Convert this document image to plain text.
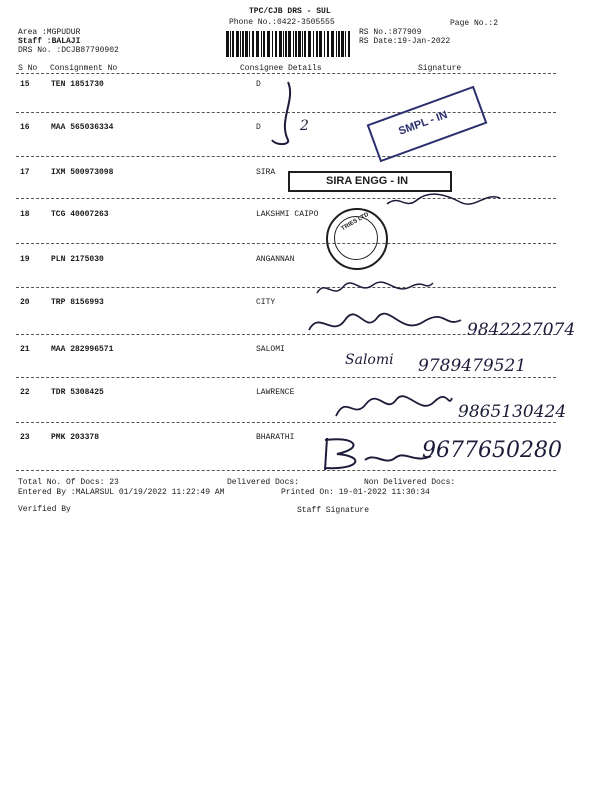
TPC/CJB DRS - SUL
Phone No.:0422-3505555
Area :MGPUDUR
Staff :BALAJI
DRS No. :DCJB87790902
RS No.:877909
RS Date:19-Jan-2022
Page No.:2
S No Consignment No	Consignee Details	Signature
15	TEN 1851730	D
16	MAA 565036334	D
17	IXM 500973098	SIRA
18	TCG 40007263	LAKSHMI CAIPO
19	PLN 2175030	ANGANNAN
20	TRP 8156993	CITY
21	MAA 282996571	SALOMI
22	TDR 5308425	LAWRENCE
23	PMK 203378	BHARATHI
SMPL - IN
SIRA ENGG - IN
TRIES LTD
2
9842227074
Salomi 9789479521
9865130424
9677650280
Total No. Of Docs: 23	Delivered Docs:	Non Delivered Docs:
Entered By :MALARSUL 01/19/2022 11:22:49 AM	Printed On: 19-01-2022 11:30:34
Verified By	Staff Signature
